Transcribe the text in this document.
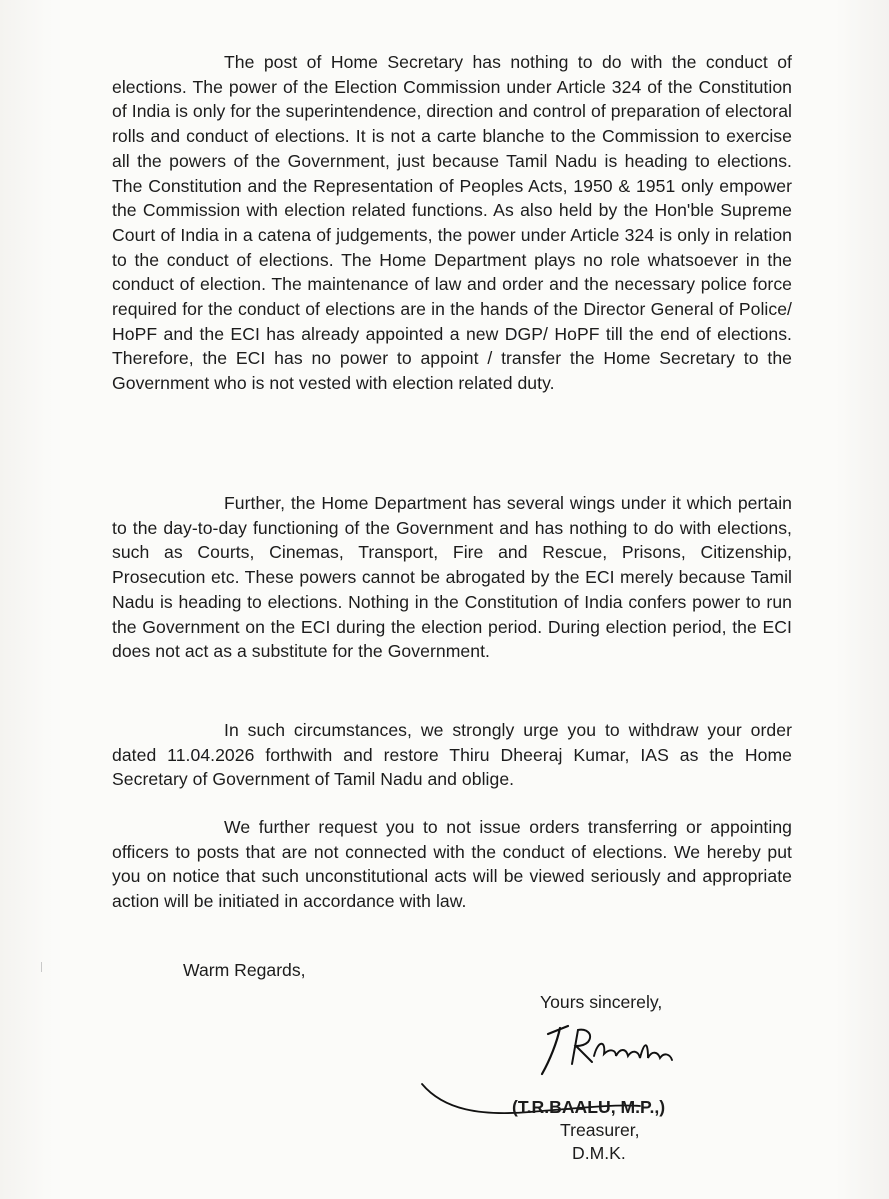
The post of Home Secretary has nothing to do with the conduct of elections. The power of the Election Commission under Article 324 of the Constitution of India is only for the superintendence, direction and control of preparation of electoral rolls and conduct of elections. It is not a carte blanche to the Commission to exercise all the powers of the Government, just because Tamil Nadu is heading to elections. The Constitution and the Representation of Peoples Acts, 1950 & 1951 only empower the Commission with election related functions. As also held by the Hon'ble Supreme Court of India in a catena of judgements, the power under Article 324 is only in relation to the conduct of elections. The Home Department plays no role whatsoever in the conduct of election. The maintenance of law and order and the necessary police force required for the conduct of elections are in the hands of the Director General of Police/ HoPF and the ECI has already appointed a new DGP/ HoPF till the end of elections. Therefore, the ECI has no power to appoint / transfer the Home Secretary to the Government who is not vested with election related duty.

Further, the Home Department has several wings under it which pertain to the day-to-day functioning of the Government and has nothing to do with elections, such as Courts, Cinemas, Transport, Fire and Rescue, Prisons, Citizenship, Prosecution etc. These powers cannot be abrogated by the ECI merely because Tamil Nadu is heading to elections. Nothing in the Constitution of India confers power to run the Government on the ECI during the election period. During election period, the ECI does not act as a substitute for the Government.

In such circumstances, we strongly urge you to withdraw your order dated 11.04.2026 forthwith and restore Thiru Dheeraj Kumar, IAS as the Home Secretary of Government of Tamil Nadu and oblige.

We further request you to not issue orders transferring or appointing officers to posts that are not connected with the conduct of elections. We hereby put you on notice that such unconstitutional acts will be viewed seriously and appropriate action will be initiated in accordance with law.

Warm Regards,

Yours sincerely,

(T.R.BAALU, M.P.,)

Treasurer,

D.M.K.
